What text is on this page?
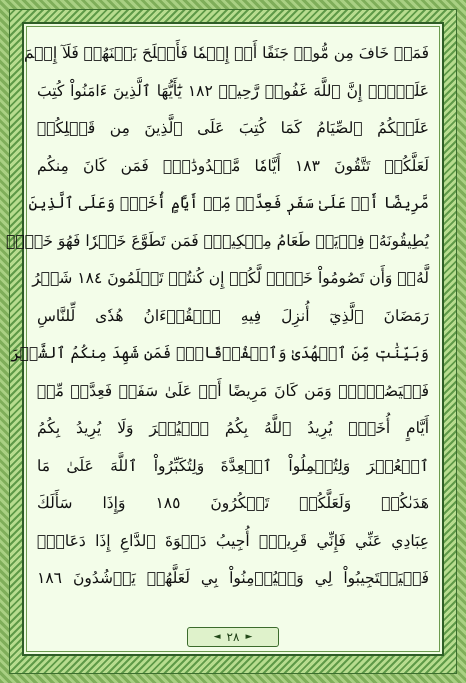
فَمَنۡ خَافَ مِن مُّوصٖ جَنَفًا أَوۡ إِثۡمٗا فَأَصۡلَحَ بَيۡنَهُمۡ فَلَآ إِثۡمَ
عَلَيۡهِۚ إِنَّ ٱللَّهَ غَفُورٞ رَّحِيمٞ ١٨٢ يَٰٓأَيُّهَا ٱلَّذِينَ ءَامَنُواْ كُتِبَ
عَلَيۡكُمُ ٱلصِّيَامُ كَمَا كُتِبَ عَلَى ٱلَّذِينَ مِن قَبۡلِكُمۡ
لَعَلَّكُمۡ تَتَّقُونَ ١٨٣ أَيَّامٗا مَّعۡدُودَٰتٖۚ فَمَن كَانَ مِنكُم
مَّرِيضًا أَوۡ عَلَىٰ سَفَرٖ فَعِدَّةٞ مِّنۡ أَيَّامٍ أُخَرَۚ وَعَلَى ٱلَّذِينَ
يُطِيقُونَهُۥ فِدۡيَةٞ طَعَامُ مِسۡكِينٖۖ فَمَن تَطَوَّعَ خَيۡرٗا فَهُوَ خَيۡرٞ
لَّهُۥۚ وَأَن تَصُومُواْ خَيۡرٞ لَّكُمۡ إِن كُنتُمۡ تَعۡلَمُونَ ١٨٤ شَهۡرُ
رَمَضَانَ ٱلَّذِيٓ أُنزِلَ فِيهِ ٱلۡقُرۡءَانُ هُدٗى لِّلنَّاسِ
وَبَيِّنَٰتٖ مِّنَ ٱلۡهُدَىٰ وَٱلۡفُرۡقَانِۚ فَمَن شَهِدَ مِنكُمُ ٱلشَّهۡرَ
فَلۡيَصُمۡهُۖ وَمَن كَانَ مَرِيضًا أَوۡ عَلَىٰ سَفَرٖ فَعِدَّةٞ مِّنۡ
أَيَّامٍ أُخَرَۗ يُرِيدُ ٱللَّهُ بِكُمُ ٱلۡيُسۡرَ وَلَا يُرِيدُ بِكُمُ
ٱلۡعُسۡرَ وَلِتُكۡمِلُواْ ٱلۡعِدَّةَ وَلِتُكَبِّرُواْ ٱللَّهَ عَلَىٰ مَا
هَدَىٰكُمۡ وَلَعَلَّكُمۡ تَشۡكُرُونَ ١٨٥ وَإِذَا سَأَلَكَ
عِبَادِي عَنِّي فَإِنِّي قَرِيبٌۖ أُجِيبُ دَعۡوَةَ ٱلدَّاعِ إِذَا دَعَانِۖ
فَلۡيَسۡتَجِيبُواْ لِي وَلۡيُؤۡمِنُواْ بِي لَعَلَّهُمۡ يَرۡشُدُونَ ١٨٦
◄ ٢٨ ►
